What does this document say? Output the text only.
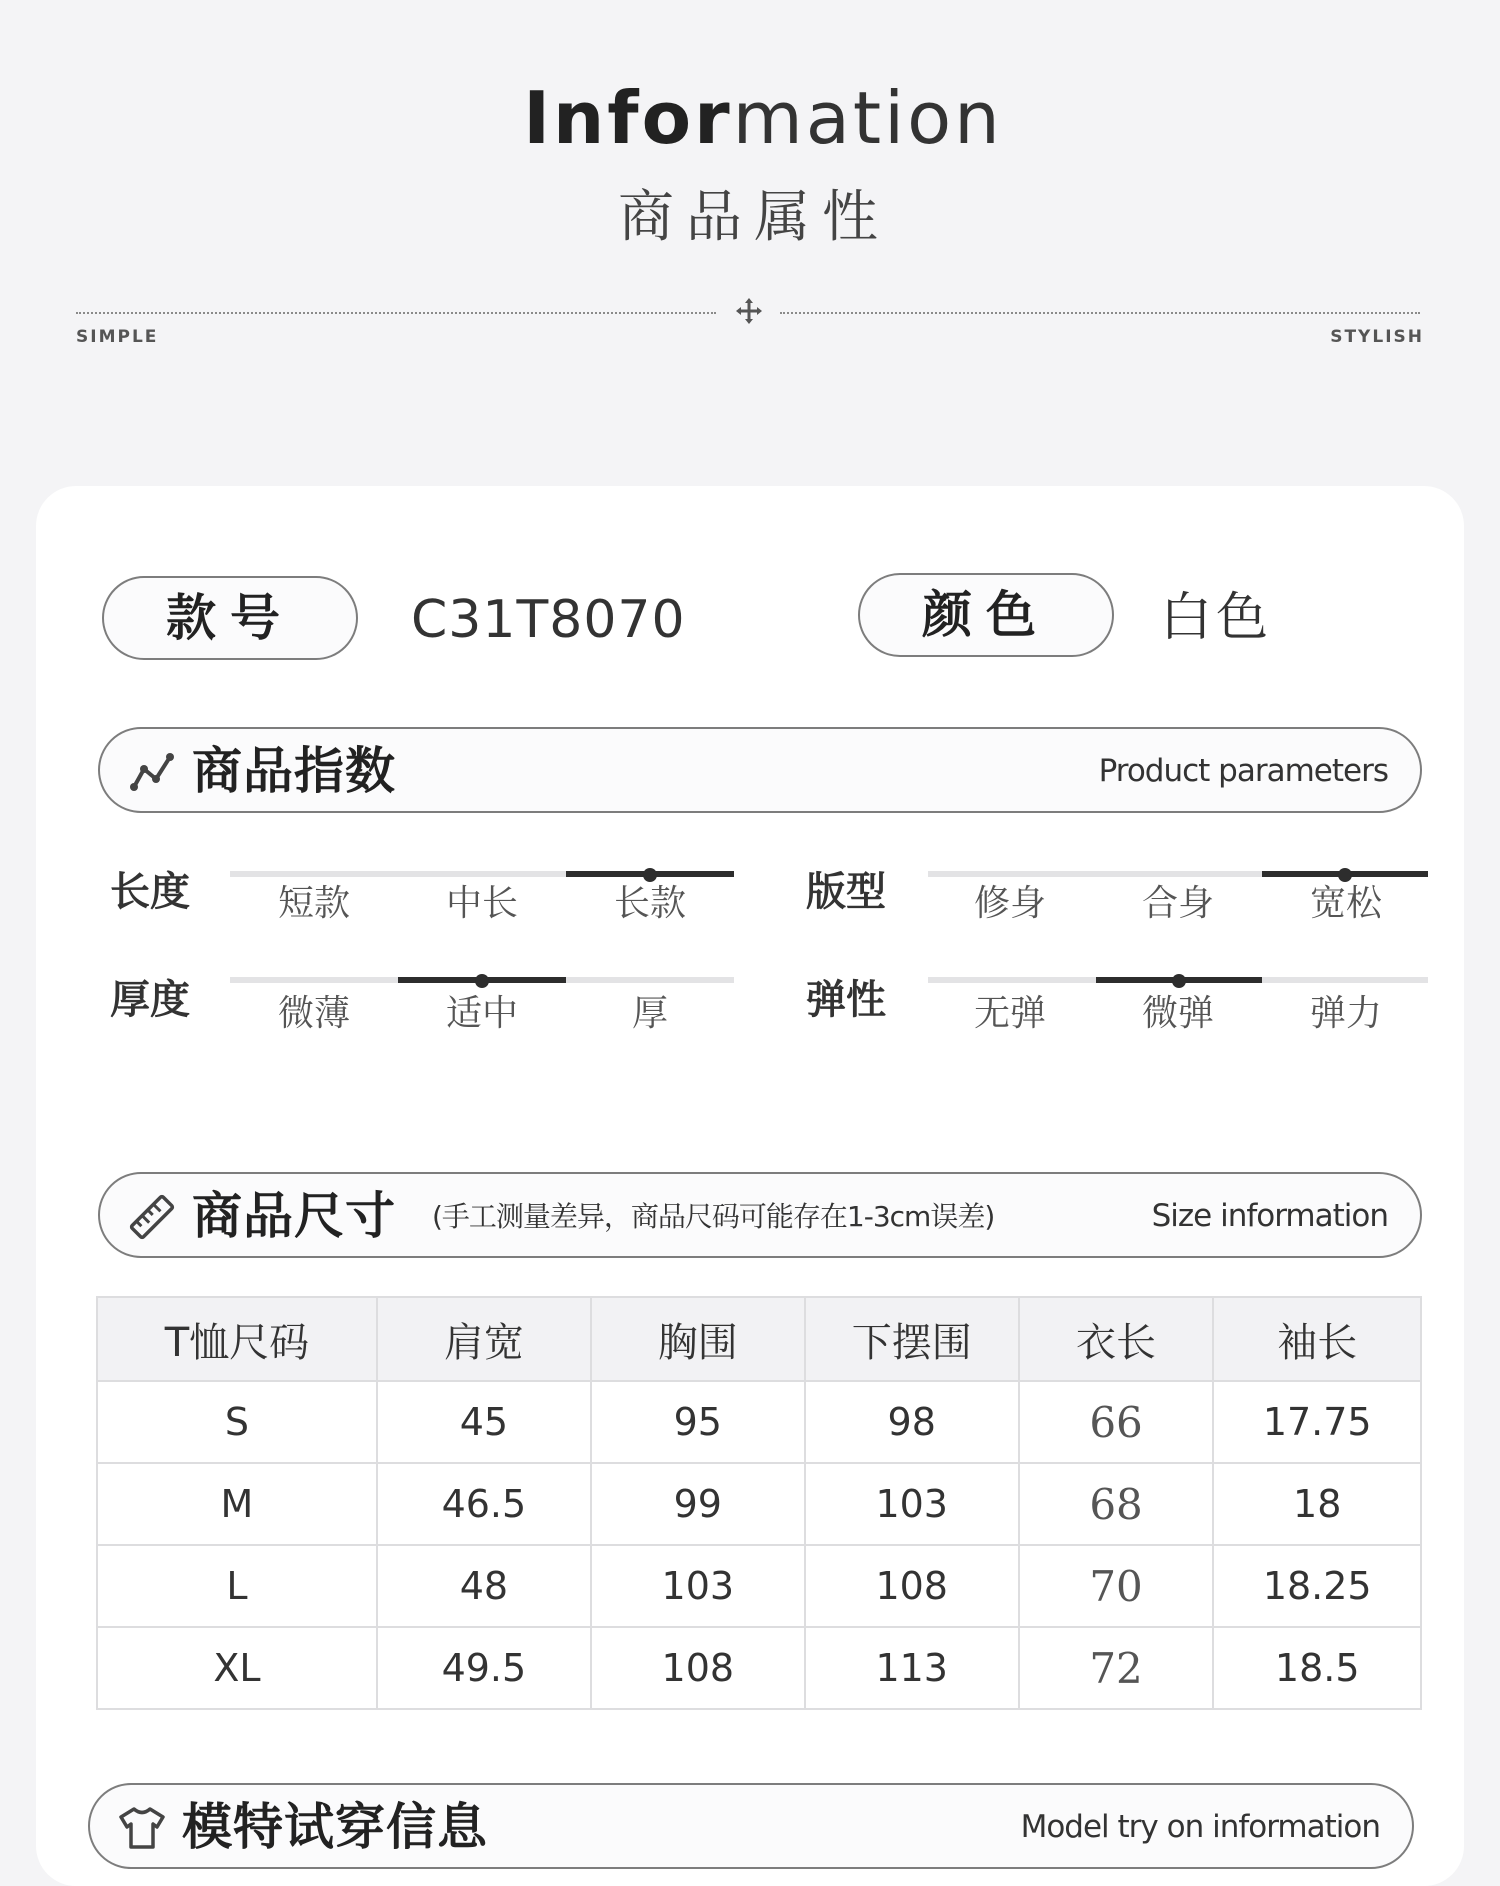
Information
商品属性
SIMPLE	STYLISH
款号	C31T8070	颜色	白色
商品指数	Product parameters
长度	短款	中长	长款	版型	修身	合身	宽松
厚度	微薄	适中	厚	弹性	无弹	微弹	弹力
商品尺寸 (手工测量差异，商品尺码可能存在1-3cm误差)	Size information
T恤尺码	肩宽	胸围	下摆围	衣长	袖长
S	45	95	98	66	17.75
M	46.5	99	103	68	18
L	48	103	108	70	18.25
XL	49.5	108	113	72	18.5
模特试穿信息	Model try on information
